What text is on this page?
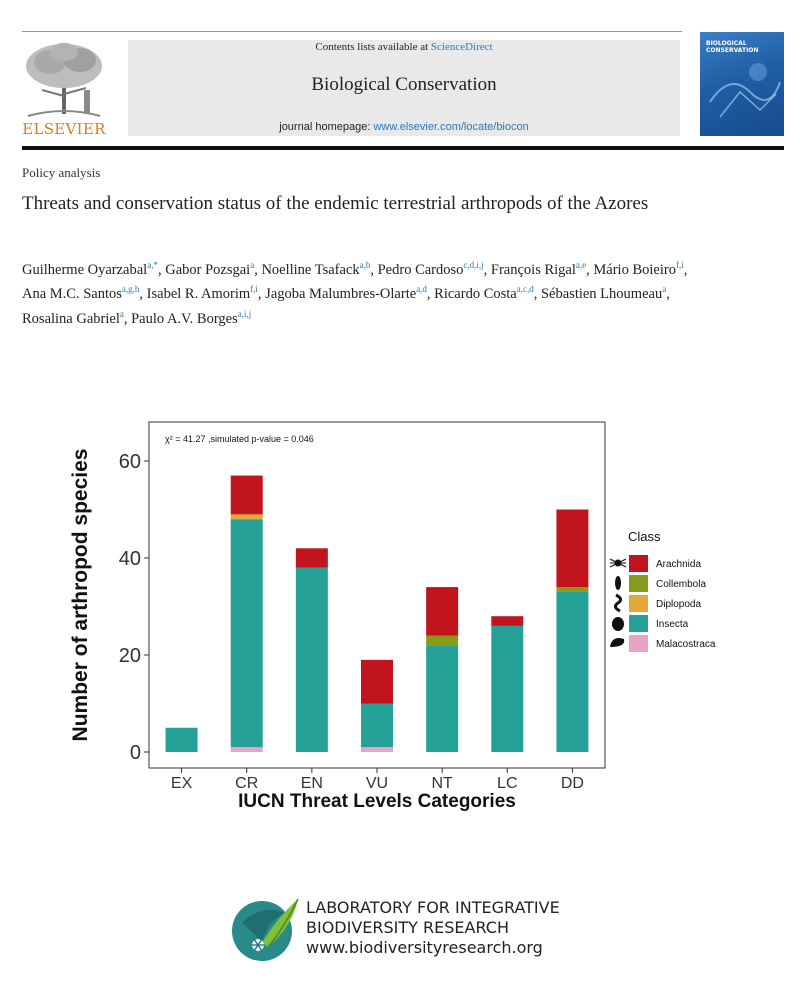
ELSEVIER
Contents lists available at ScienceDirect
Biological Conservation
journal homepage: www.elsevier.com/locate/biocon
BIOLOGICAL CONSERVATION
Policy analysis
Threats and conservation status of the endemic terrestrial arthropods of the Azores
Guilherme Oyarzabal$^{a,*}$, Gabor Pozsgai$^a$, Noelline Tsafack$^{a,b}$, Pedro Cardoso$^{c,d,i,j}$, François Rigal$^{a,e}$, Mário Boieiro$^{f,i}$, Ana M.C. Santos$^{a,g,h}$, Isabel R. Amorim$^{f,i}$, Jagoba Malumbres-Olarte$^{a,d}$, Ricardo Costa$^{a,c,d}$, Sébastien Lhoumeau$^a$, Rosalina Gabriel$^a$, Paulo A.V. Borges$^{a,i,j}$
0
20
40
60
Number of arthropod species
EX	CR	EN	VU	NT	LC	DD
IUCN Threat Levels Categories
χ² = 41.27 ,simulated p-value = 0.046
Class
Arachnida
Collembola
Diplopoda
Insecta
Malacostraca
LABORATORY FOR INTEGRATIVE
BIODIVERSITY RESEARCH
www.biodiversityresearch.org
